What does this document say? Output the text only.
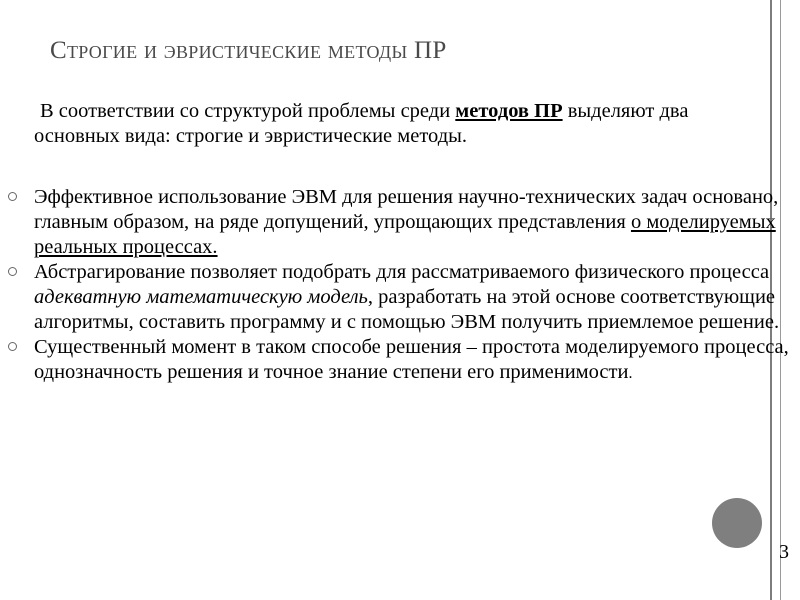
3
Строгие и эвристические методы ПР
В соответствии со структурой проблемы среди методов ПР выделяют два основных вида: строгие и эвристические методы.
Эффективное использование ЭВМ для решения научно-технических задач основано, главным образом, на ряде допущений, упрощающих представления о моделируемых реальных процессах.
Абстрагирование позволяет подобрать для рассматриваемого физического процесса адекватную математическую модель, разработать на этой основе соответствующие алгоритмы, составить программу и с помощью ЭВМ получить приемлемое решение.
Существенный момент в таком способе решения – простота моделируемого процесса, однозначность решения и точное знание степени его применимости.
